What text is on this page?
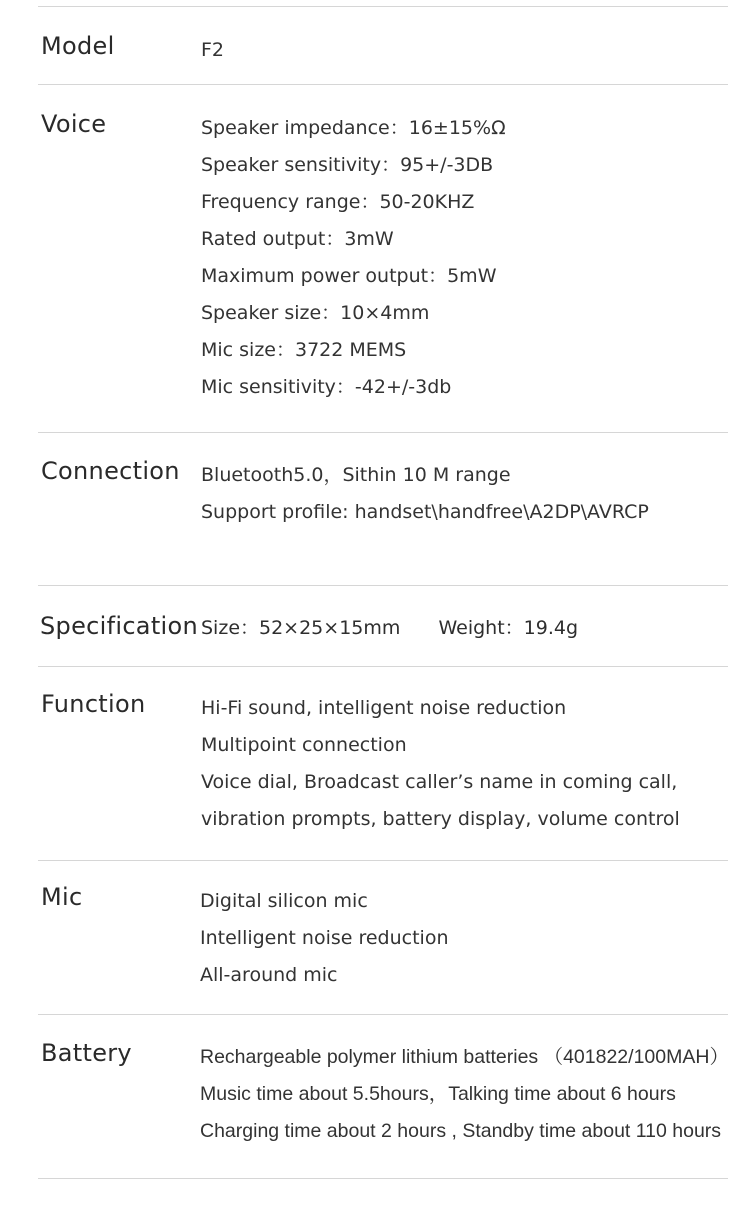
Model	F2
Voice	Speaker impedance：16±15%Ω
Speaker sensitivity：95+/-3DB
Frequency range：50-20KHZ
Rated output：3mW
Maximum power output：5mW
Speaker size：10×4mm
Mic size：3722 MEMS
Mic sensitivity：-42+/-3db
Connection Bluetooth5.0，Sithin 10 M range
Support profile: handset\handfree\A2DP\AVRCP
Specification Size：52×25×15mm Weight：19.4g
Function	Hi-Fi sound, intelligent noise reduction
Multipoint connection
Voice dial, Broadcast caller’s name in coming call,
vibration prompts, battery display, volume control
Mic	Digital silicon mic
Intelligent noise reduction
All-around mic
Battery	Rechargeable polymer lithium batteries （401822/100MAH）
Music time about 5.5hours，Talking time about 6 hours
Charging time about 2 hours , Standby time about 110 hours
